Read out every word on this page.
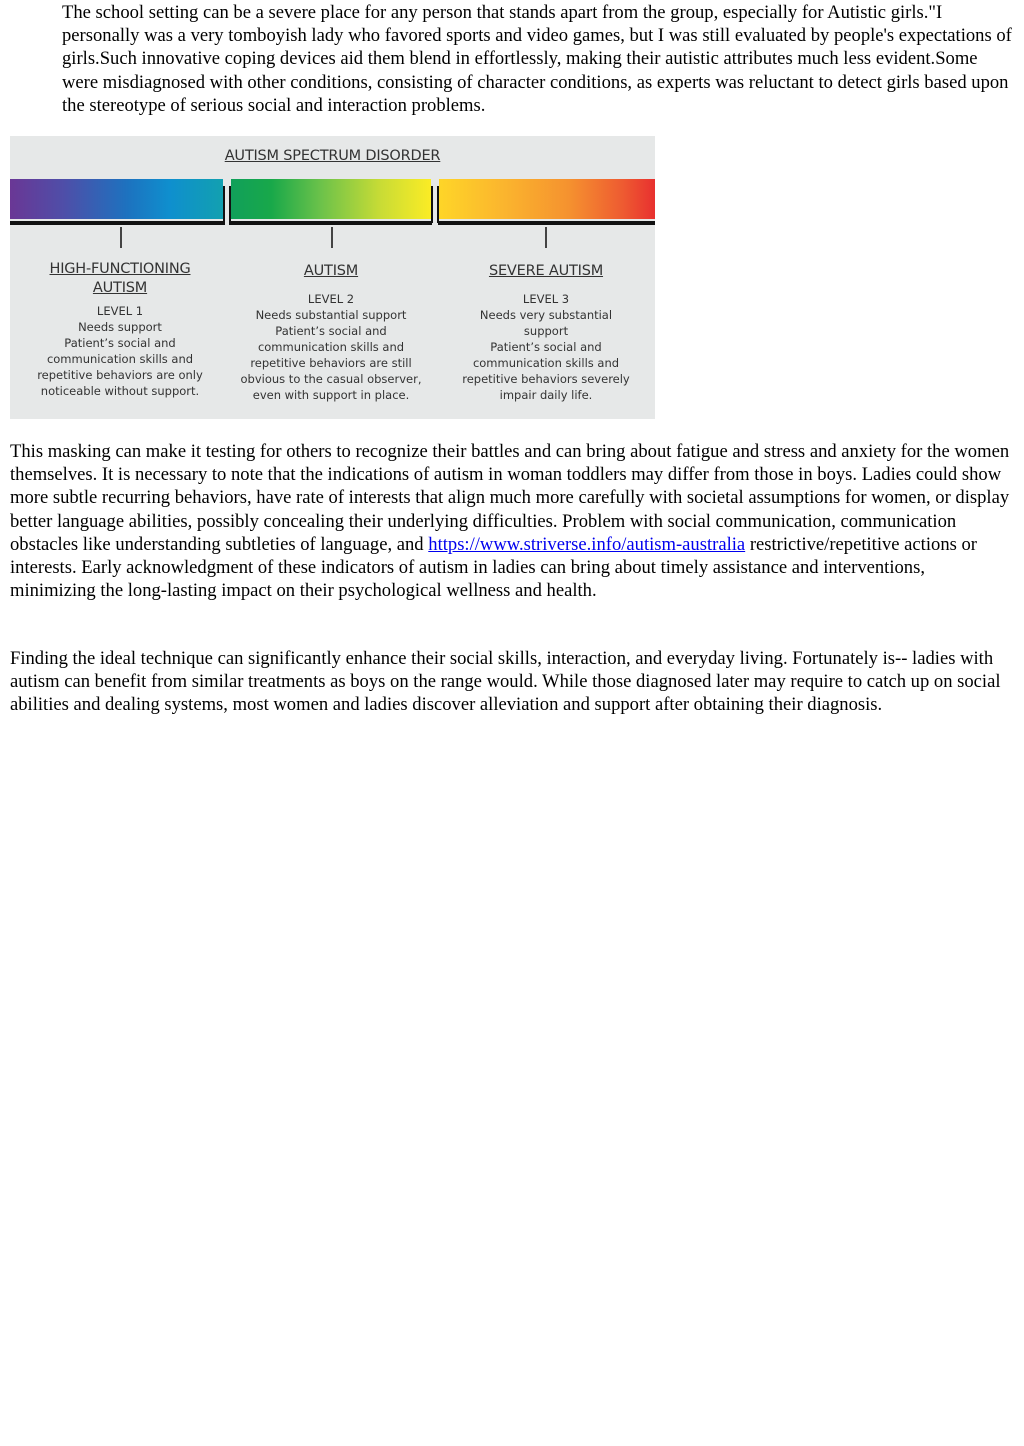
The school setting can be a severe place for any person that stands apart from the group, especially for Autistic girls."I personally was a very tomboyish lady who favored sports and video games, but I was still evaluated by people's expectations of girls.Such innovative coping devices aid them blend in effortlessly, making their autistic attributes much less evident.Some were misdiagnosed with other conditions, consisting of character conditions, as experts was reluctant to detect girls based upon the stereotype of serious social and interaction problems.

AUTISM SPECTRUM DISORDER
HIGH-FUNCTIONING
AUTISM
LEVEL 1
Needs support
Patient’s social and
communication skills and
repetitive behaviors are only
noticeable without support.
AUTISM
LEVEL 2
Needs substantial support
Patient’s social and
communication skills and
repetitive behaviors are still
obvious to the casual observer,
even with support in place.
SEVERE AUTISM
LEVEL 3
Needs very substantial
support
Patient’s social and
communication skills and
repetitive behaviors severely
impair daily life.

This masking can make it testing for others to recognize their battles and can bring about fatigue and stress and anxiety for the women themselves. It is necessary to note that the indications of autism in woman toddlers may differ from those in boys. Ladies could show more subtle recurring behaviors, have rate of interests that align much more carefully with societal assumptions for women, or display better language abilities, possibly concealing their underlying difficulties. Problem with social communication, communication obstacles like understanding subtleties of language, and https://www.striverse.info/autism-australia restrictive/repetitive actions or interests. Early acknowledgment of these indicators of autism in ladies can bring about timely assistance and interventions, minimizing the long-lasting impact on their psychological wellness and health.

Finding the ideal technique can significantly enhance their social skills, interaction, and everyday living. Fortunately is-- ladies with autism can benefit from similar treatments as boys on the range would. While those diagnosed later may require to catch up on social abilities and dealing systems, most women and ladies discover alleviation and support after obtaining their diagnosis.
